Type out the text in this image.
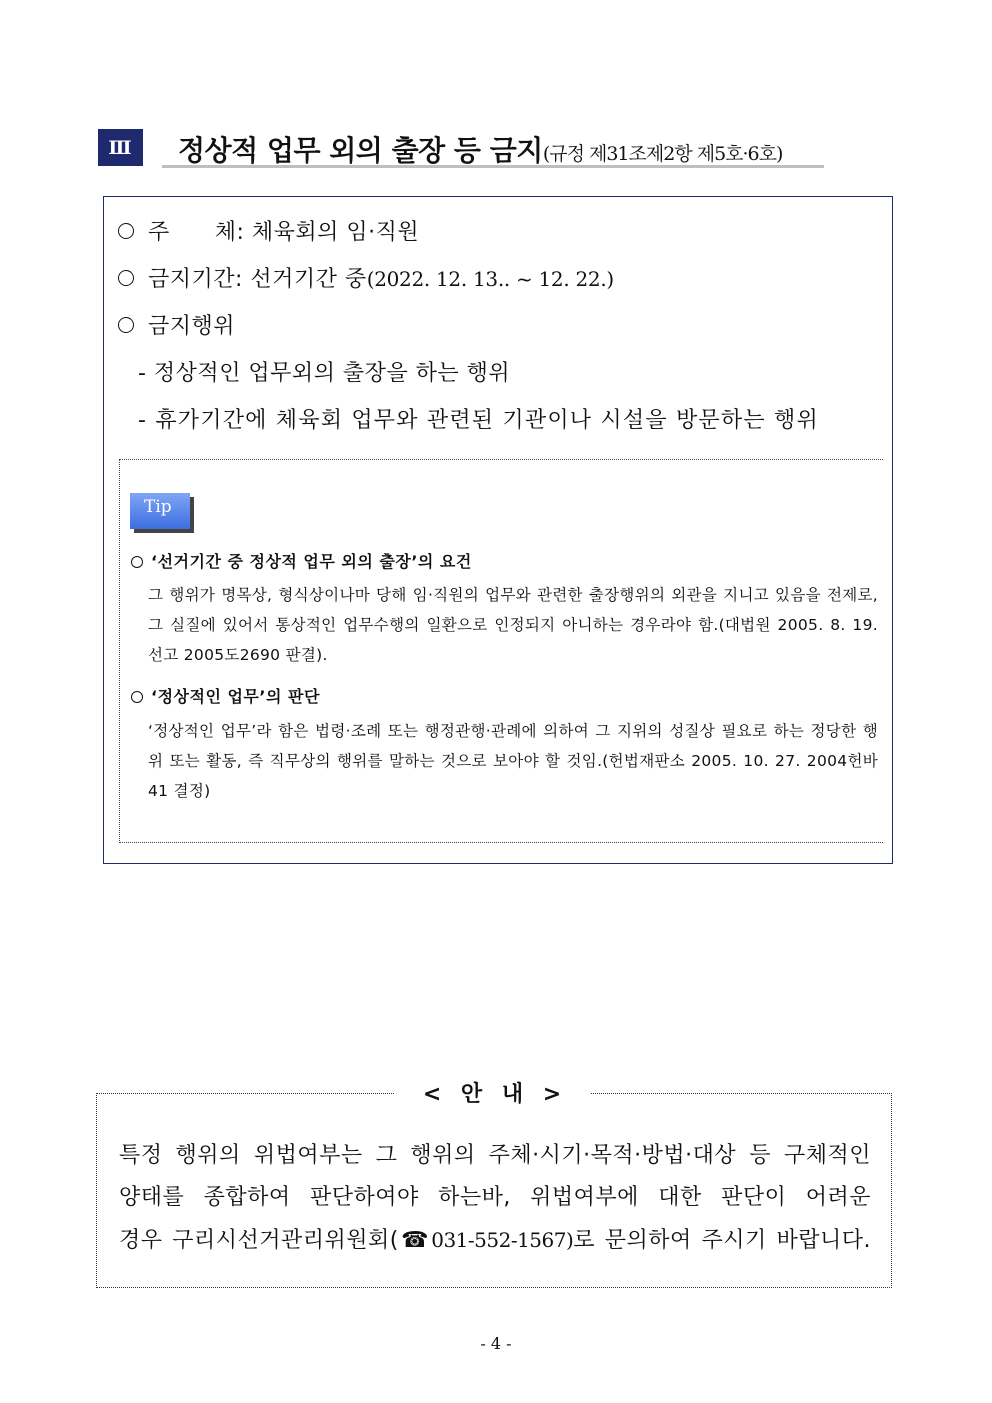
Ⅲ	정상적 업무 외의 출장 등 금지(규정 제31조제2항 제5호·6호)
주      체: 체육회의 임·직원
금지기간: 선거기간 중(2022. 12. 13.. ~ 12. 22.)
금지행위
- 정상적인 업무외의 출장을 하는 행위
- 휴가기간에 체육회 업무와 관련된 기관이나 시설을 방문하는 행위
Tip
‘선거기간 중 정상적 업무 외의 출장’의 요건
그 행위가 명목상, 형식상이나마 당해 임·직원의 업무와 관련한 출장행위의 외관을 지니고 있음을 전제로, 그 실질에 있어서 통상적인 업무수행의 일환으로 인정되지 아니하는 경우라야 함.(대법원 2005. 8. 19. 선고 2005도2690 판결).
‘정상적인 업무’의 판단
‘정상적인 업무’라 함은 법령·조례 또는 행정관행·관례에 의하여 그 지위의 성질상 필요로 하는 정당한 행위 또는 활동, 즉 직무상의 행위를 말하는 것으로 보아야 할 것임.(헌법재판소 2005. 10. 27. 2004헌바41 결정)
< 안 내 >
특정 행위의 위법여부는 그 행위의 주체·시기·목적·방법·대상 등 구체적인
양태를 종합하여 판단하여야 하는바, 위법여부에 대한 판단이 어려운
경우 구리시선거관리위원회(☎031-552-1567)로 문의하여 주시기 바랍니다.
- 4 -
